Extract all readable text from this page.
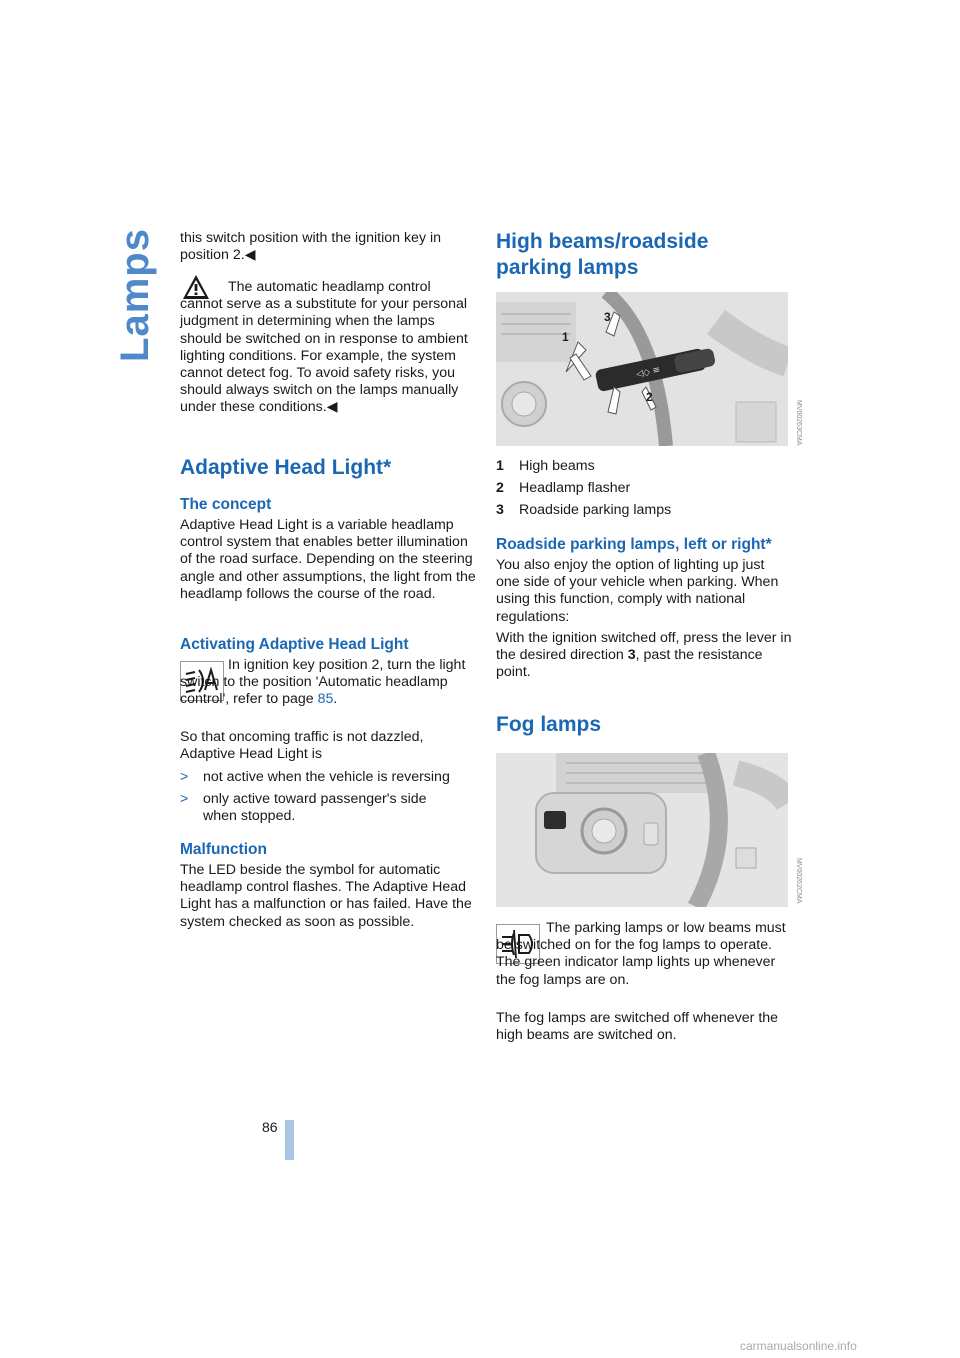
Lamps this switch position with the ignition key in position 2.◀

The automatic headlamp control cannot serve as a substitute for your personal judgment in determining when the lamps should be switched on in response to ambient lighting conditions. For example, the system cannot detect fog. To avoid safety risks, you should always switch on the lamps manually under these conditions.◀

Adaptive Head Light*
The concept

Adaptive Head Light is a variable headlamp control system that enables better illumination of the road surface. Depending on the steering angle and other assumptions, the light from the headlamp follows the course of the road.

Activating Adaptive Head Light

In ignition key position 2, turn the light switch to the position 'Automatic headlamp control', refer to page 85.

So that oncoming traffic is not dazzled, Adaptive Head Light is

> not active when the vehicle is reversing
> only active toward passenger's side when stopped.
Malfunction

The LED beside the symbol for automatic headlamp control flashes. The Adaptive Head Light has a malfunction or has failed. Have the system checked as soon as possible.

High beams/roadside
parking lamps
◁◇ ≡
1
2
3
MV00263CMA
1 High beams
2 Headlamp flasher
3 Roadside parking lamps
Roadside parking lamps, left or right*

You also enjoy the option of lighting up just one side of your vehicle when parking. When using this function, comply with national regulations:

With the ignition switched off, press the lever in the desired direction 3, past the resistance point.

Fog lamps
MV00262CMA

The parking lamps or low beams must be switched on for the fog lamps to operate. The green indicator lamp lights up whenever the fog lamps are on.

The fog lamps are switched off whenever the high beams are switched on.

86
carmanualsonline.info
